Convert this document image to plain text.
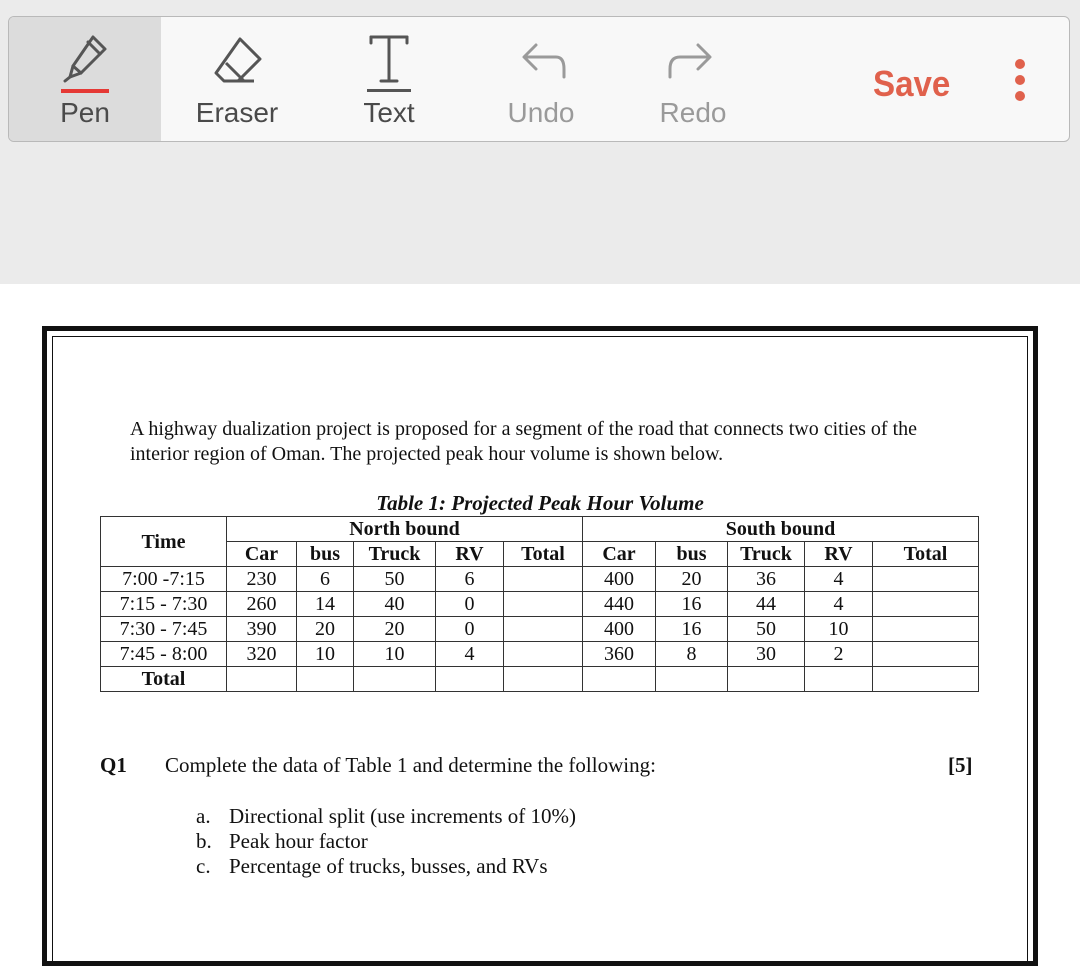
Pen	Eraser	Text	Undo	Redo
Save
A highway dualization project is proposed for a segment of the road that connects two cities of the interior region of Oman. The projected peak hour volume is shown below.
Table 1: Projected Peak Hour Volume
Time	North bound					South bound				
	Car	bus	Truck	RV	Total	Car	bus	Truck	RV	Total
7:00 -7:15	230	6	50	6		400	20	36	4	
7:15 - 7:30	260	14	40	0		440	16	44	4	
7:30 - 7:45	390	20	20	0		400	16	50	10	
7:45 - 8:00	320	10	10	4		360	8	30	2	
Total										
Q1 Complete the data of Table 1 and determine the following:	[5]
a. Directional split (use increments of 10%)
b. Peak hour factor
c. Percentage of trucks, busses, and RVs
